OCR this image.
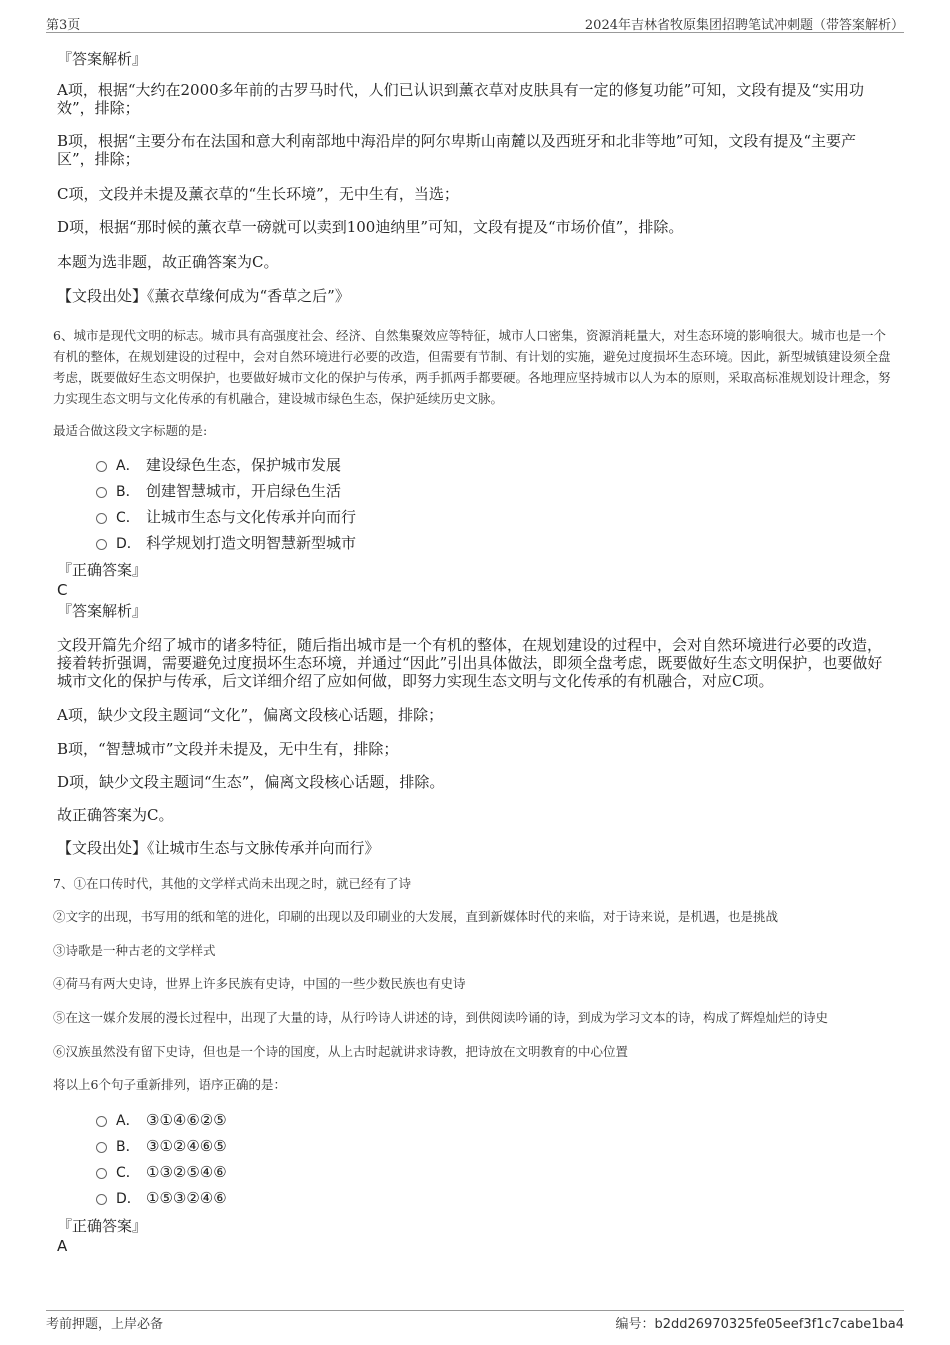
第3页	2024年吉林省牧原集团招聘笔试冲刺题（带答案解析）

『答案解析』

A项，根据“大约在2000多年前的古罗马时代，人们已认识到薰衣草对皮肤具有一定的修复功能”可知，文段有提及“实用功效”，排除；

B项，根据“主要分布在法国和意大利南部地中海沿岸的阿尔卑斯山南麓以及西班牙和北非等地”可知，文段有提及“主要产区”，排除；

C项，文段并未提及薰衣草的“生长环境”，无中生有，当选；

D项，根据“那时候的薰衣草一磅就可以卖到100迪纳里”可知，文段有提及“市场价值”，排除。

本题为选非题，故正确答案为C。

【文段出处】《薰衣草缘何成为“香草之后”》

6、城市是现代文明的标志。城市具有高强度社会、经济、自然集聚效应等特征，城市人口密集，资源消耗量大，对生态环境的影响很大。城市也是一个有机的整体，在规划建设的过程中，会对自然环境进行必要的改造，但需要有节制、有计划的实施，避免过度损坏生态环境。因此，新型城镇建设须全盘考虑，既要做好生态文明保护，也要做好城市文化的保护与传承，两手抓两手都要硬。各地理应坚持城市以人为本的原则，采取高标准规划设计理念，努力实现生态文明与文化传承的有机融合，建设城市绿色生态，保护延续历史文脉。

最适合做这段文字标题的是:

A． 建设绿色生态，保护城市发展
B． 创建智慧城市，开启绿色生活
C． 让城市生态与文化传承并向而行
D． 科学规划打造文明智慧新型城市

『正确答案』

C

『答案解析』

文段开篇先介绍了城市的诸多特征，随后指出城市是一个有机的整体，在规划建设的过程中，会对自然环境进行必要的改造，接着转折强调，需要避免过度损坏生态环境，并通过“因此”引出具体做法，即须全盘考虑，既要做好生态文明保护，也要做好城市文化的保护与传承，后文详细介绍了应如何做，即努力实现生态文明与文化传承的有机融合，对应C项。

A项，缺少文段主题词“文化”，偏离文段核心话题，排除；

B项，“智慧城市”文段并未提及，无中生有，排除；

D项，缺少文段主题词“生态”，偏离文段核心话题，排除。

故正确答案为C。

【文段出处】《让城市生态与文脉传承并向而行》

7、①在口传时代，其他的文学样式尚未出现之时，就已经有了诗

②文字的出现，书写用的纸和笔的进化，印刷的出现以及印刷业的大发展，直到新媒体时代的来临，对于诗来说，是机遇，也是挑战

③诗歌是一种古老的文学样式

④荷马有两大史诗，世界上许多民族有史诗，中国的一些少数民族也有史诗

⑤在这一媒介发展的漫长过程中，出现了大量的诗，从行吟诗人讲述的诗，到供阅读吟诵的诗，到成为学习文本的诗，构成了辉煌灿烂的诗史

⑥汉族虽然没有留下史诗，但也是一个诗的国度，从上古时起就讲求诗教，把诗放在文明教育的中心位置

将以上6个句子重新排列，语序正确的是：

A． ③①④⑥②⑤
B． ③①②④⑥⑤
C． ①③②⑤④⑥
D． ①⑤③②④⑥

『正确答案』

A

考前押题，上岸必备	编号：b2dd26970325fe05eef3f1c7cabe1ba4
